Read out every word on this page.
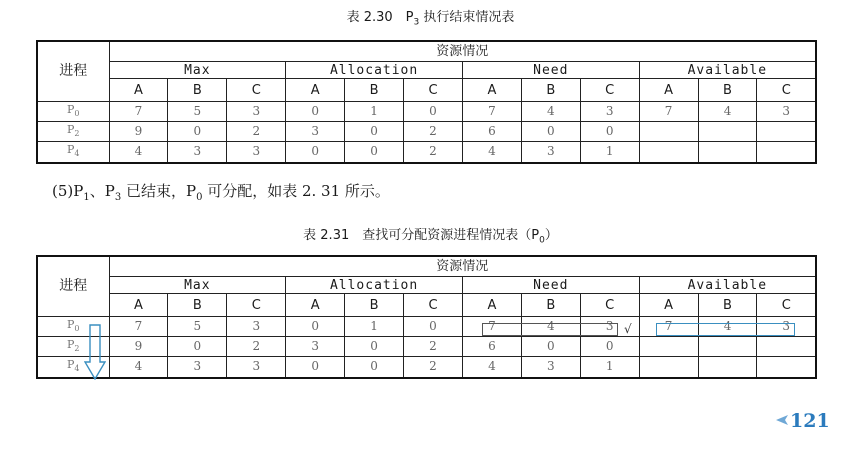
表 2.30　$P_3$ 执行结束情况表
进程	资源情况											
	Max			Allocation			Need			Available		
	A	B	C	A	B	C	A	B	C	A	B	C
$P_0$	7	5	3	0	1	0	7	4	3	7	4	3
$P_2$	9	0	2	3	0	2	6	0	0			
$P_4$	4	3	3	0	0	2	4	3	1			
$(5)P_1$、$P_3$ 已结束，$P_0$ 可分配，如表 2. 31 所示。
表 2.31　查找可分配资源进程情况表$(P_0)$
进程	资源情况											
	Max			Allocation			Need			Available		
	A	B	C	A	B	C	A	B	C	A	B	C
$P_0$	7	5	3	0	1	0	7	4	3	7	4	3
$P_2$	9	0	2	3	0	2	6	0	0			
$P_4$	4	3	3	0	0	2	4	3	1			
√
121
